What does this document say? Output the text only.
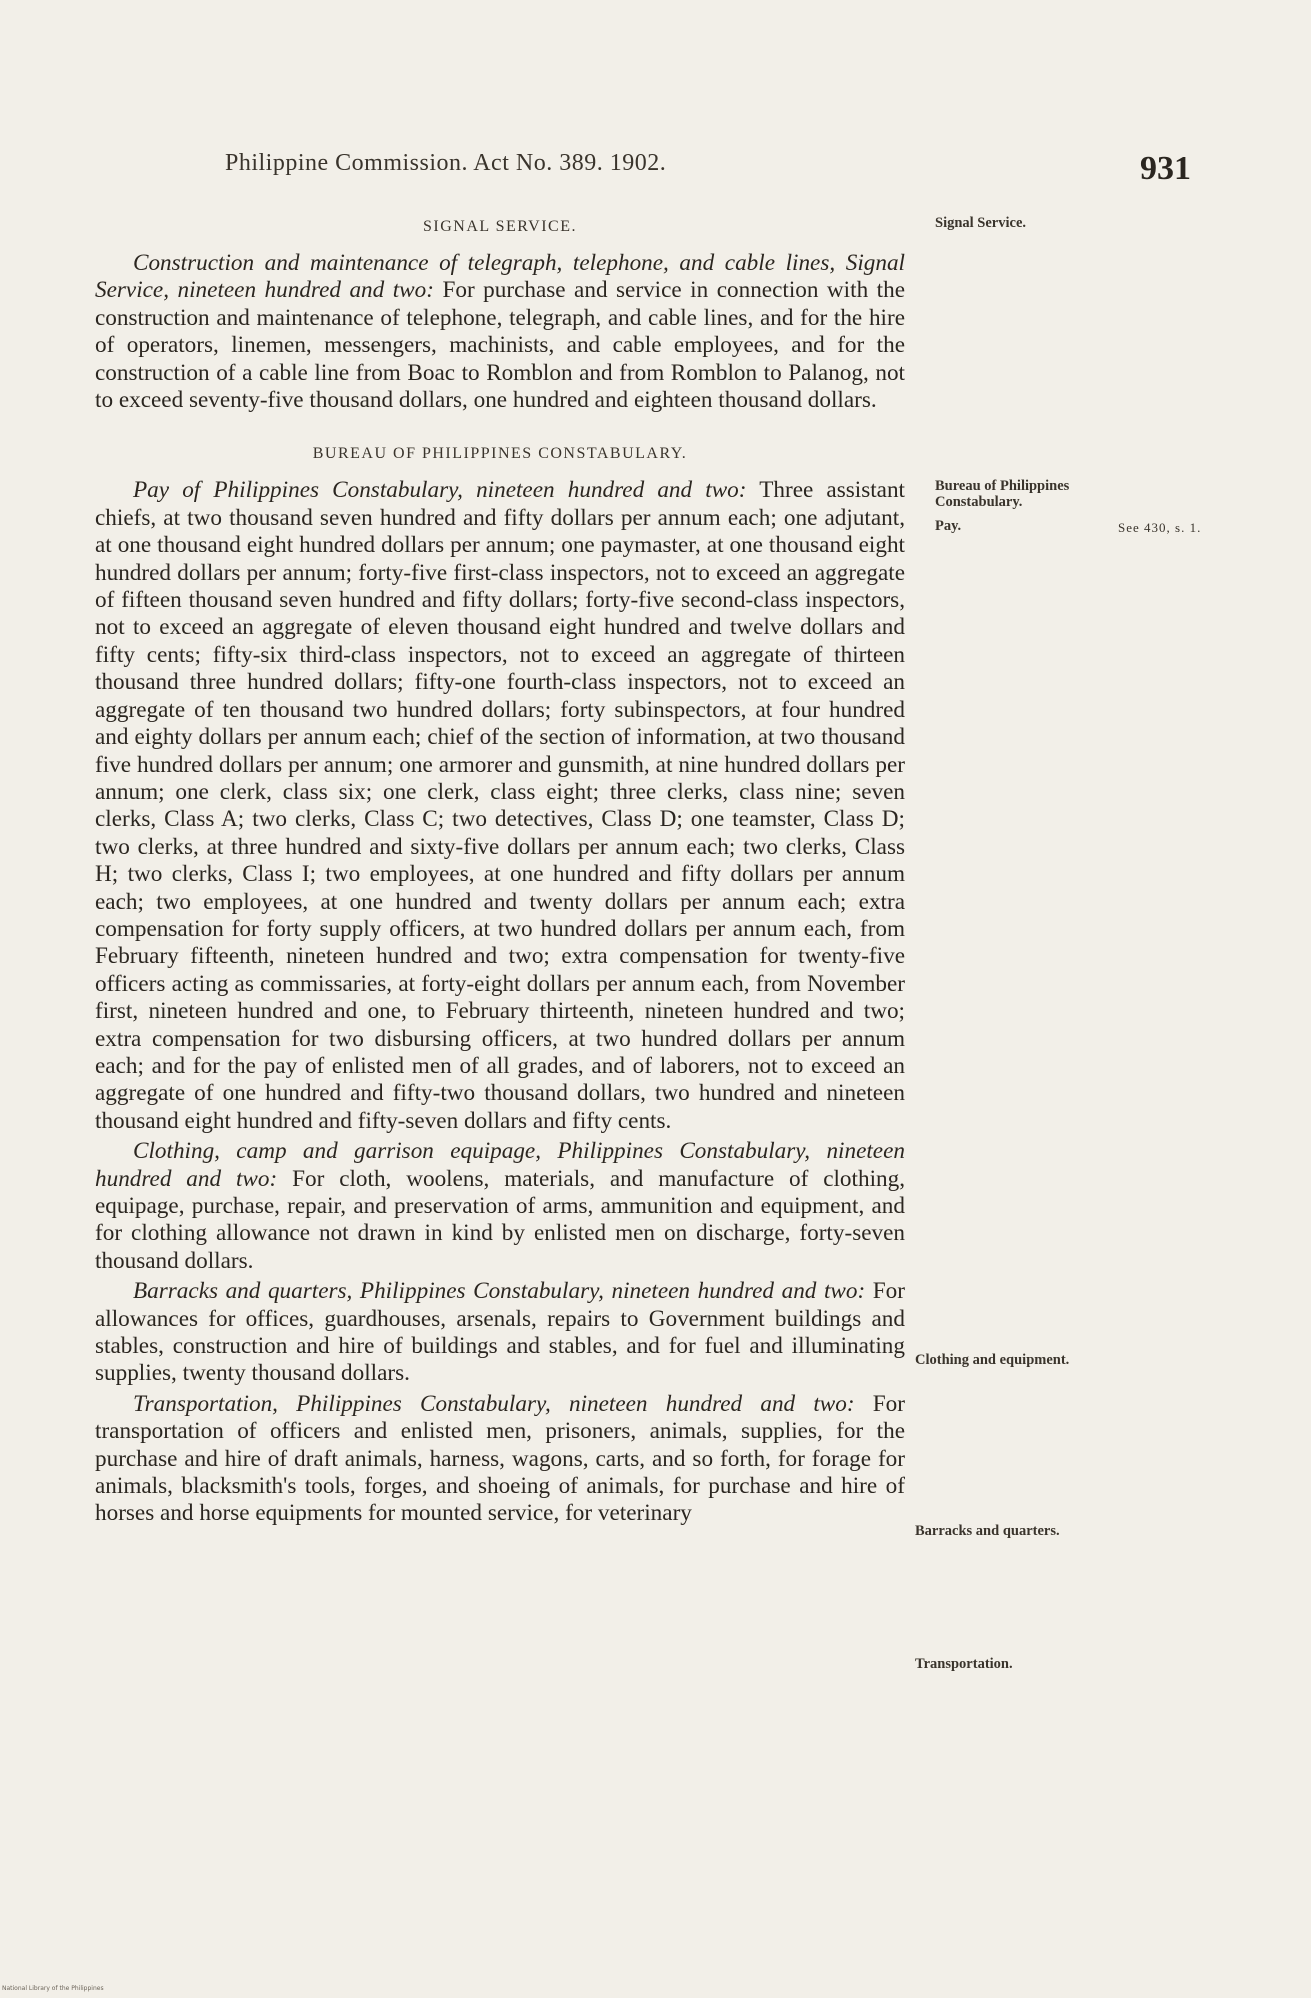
Philippine Commission. Act No. 389. 1902.	931
Signal Service.
Bureau of Philippines Constabulary.
Pay.
Clothing and equipment.
Barracks and quarters.
Transportation.
See 430, s. 1.
SIGNAL SERVICE.

Construction and maintenance of telegraph, telephone, and cable lines, Signal Service, nineteen hundred and two: For purchase and service in connection with the construction and maintenance of telephone, telegraph, and cable lines, and for the hire of operators, linemen, messengers, machinists, and cable employees, and for the construction of a cable line from Boac to Romblon and from Romblon to Palanog, not to exceed seventy-five thousand dollars, one hundred and eighteen thousand dollars.

BUREAU OF PHILIPPINES CONSTABULARY.

Pay of Philippines Constabulary, nineteen hundred and two: Three assistant chiefs, at two thousand seven hundred and fifty dollars per annum each; one adjutant, at one thousand eight hundred dollars per annum; one paymaster, at one thousand eight hundred dollars per annum; forty-five first-class inspectors, not to exceed an aggregate of fifteen thousand seven hundred and fifty dollars; forty-five second-class inspectors, not to exceed an aggregate of eleven thousand eight hundred and twelve dollars and fifty cents; fifty-six third-class inspectors, not to exceed an aggregate of thirteen thousand three hundred dollars; fifty-one fourth-class inspectors, not to exceed an aggregate of ten thousand two hundred dollars; forty subinspectors, at four hundred and eighty dollars per annum each; chief of the section of information, at two thousand five hundred dollars per annum; one armorer and gunsmith, at nine hundred dollars per annum; one clerk, class six; one clerk, class eight; three clerks, class nine; seven clerks, Class A; two clerks, Class C; two detectives, Class D; one teamster, Class D; two clerks, at three hundred and sixty-five dollars per annum each; two clerks, Class H; two clerks, Class I; two employees, at one hundred and fifty dollars per annum each; two employees, at one hundred and twenty dollars per annum each; extra compensation for forty supply officers, at two hundred dollars per annum each, from February fifteenth, nineteen hundred and two; extra compensation for twenty-five officers acting as commissaries, at forty-eight dollars per annum each, from November first, nineteen hundred and one, to February thirteenth, nineteen hundred and two; extra compensation for two disbursing officers, at two hundred dollars per annum each; and for the pay of enlisted men of all grades, and of laborers, not to exceed an aggregate of one hundred and fifty-two thousand dollars, two hundred and nineteen thousand eight hundred and fifty-seven dollars and fifty cents.

Clothing, camp and garrison equipage, Philippines Constabulary, nineteen hundred and two: For cloth, woolens, materials, and manufacture of clothing, equipage, purchase, repair, and preservation of arms, ammunition and equipment, and for clothing allowance not drawn in kind by enlisted men on discharge, forty-seven thousand dollars.

Barracks and quarters, Philippines Constabulary, nineteen hundred and two: For allowances for offices, guardhouses, arsenals, repairs to Government buildings and stables, construction and hire of buildings and stables, and for fuel and illuminating supplies, twenty thousand dollars.

Transportation, Philippines Constabulary, nineteen hundred and two: For transportation of officers and enlisted men, prisoners, animals, supplies, for the purchase and hire of draft animals, harness, wagons, carts, and so forth, for forage for animals, blacksmith's tools, forges, and shoeing of animals, for purchase and hire of horses and horse equipments for mounted service, for veterinary

National Library of the Philippines
